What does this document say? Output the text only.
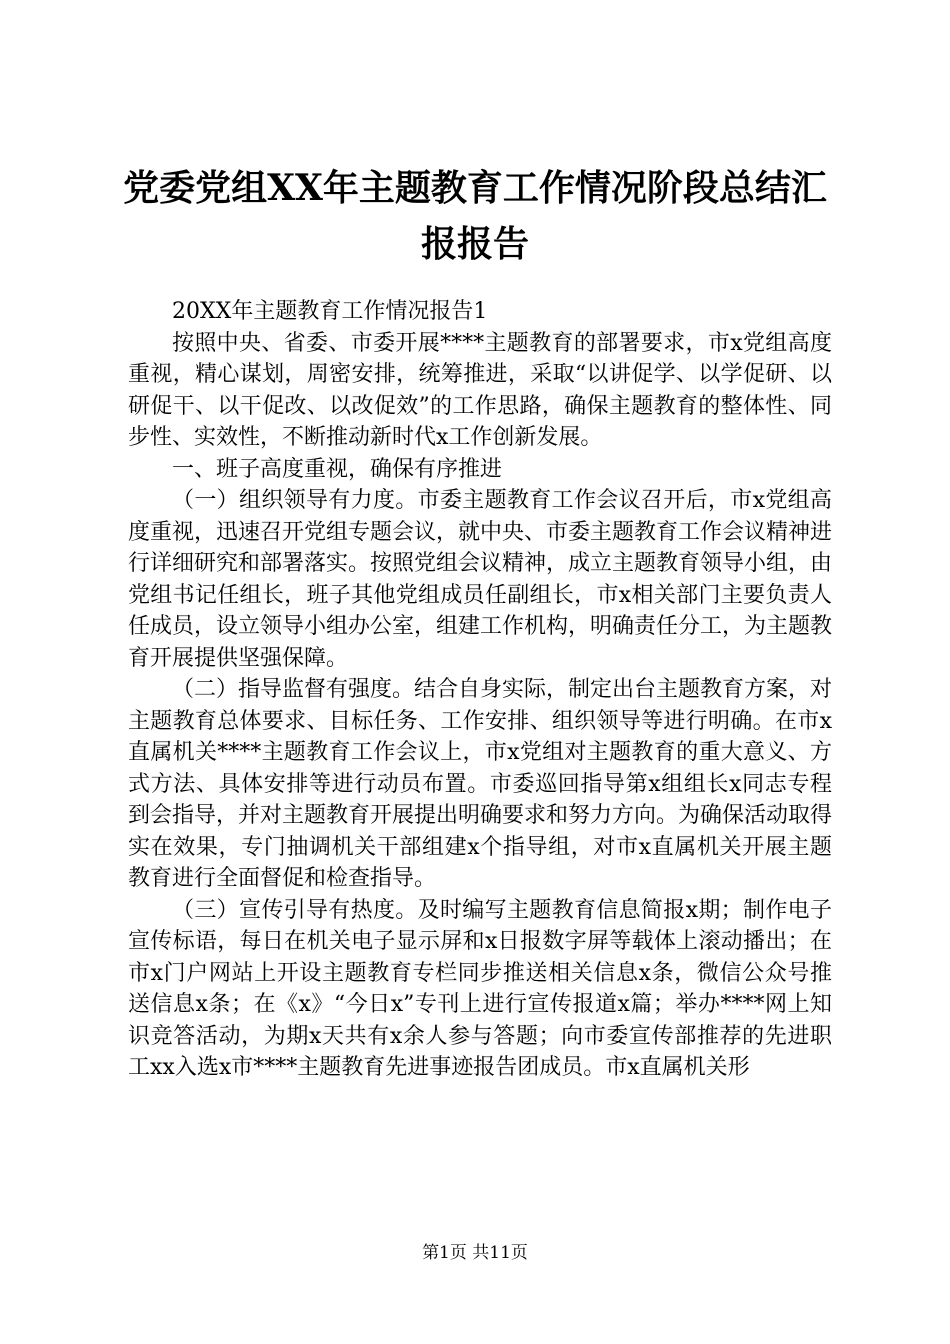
党委党组XX年主题教育工作情况阶段总结汇报报告

20XX年主题教育工作情况报告1

按照中央、省委、市委开展****主题教育的部署要求，市x党组高度重视，精心谋划，周密安排，统筹推进，采取“以讲促学、以学促研、以研促干、以干促改、以改促效”的工作思路，确保主题教育的整体性、同步性、实效性，不断推动新时代x工作创新发展。

一、班子高度重视，确保有序推进

（一）组织领导有力度。市委主题教育工作会议召开后，市x党组高度重视，迅速召开党组专题会议，就中央、市委主题教育工作会议精神进行详细研究和部署落实。按照党组会议精神，成立主题教育领导小组，由党组书记任组长，班子其他党组成员任副组长，市x相关部门主要负责人任成员，设立领导小组办公室，组建工作机构，明确责任分工，为主题教育开展提供坚强保障。

（二）指导监督有强度。结合自身实际，制定出台主题教育方案，对主题教育总体要求、目标任务、工作安排、组织领导等进行明确。在市x直属机关****主题教育工作会议上，市x党组对主题教育的重大意义、方式方法、具体安排等进行动员布置。市委巡回指导第x组组长x同志专程到会指导，并对主题教育开展提出明确要求和努力方向。为确保活动取得实在效果，专门抽调机关干部组建x个指导组，对市x直属机关开展主题教育进行全面督促和检查指导。

（三）宣传引导有热度。及时编写主题教育信息简报x期；制作电子宣传标语，每日在机关电子显示屏和x日报数字屏等载体上滚动播出；在市x门户网站上开设主题教育专栏同步推送相关信息x条，微信公众号推送信息x条；在《x》“今日x”专刊上进行宣传报道x篇；举办****网上知识竞答活动，为期x天共有x余人参与答题；向市委宣传部推荐的先进职工xx入选x市****主题教育先进事迹报告团成员。市x直属机关形

第1页 共11页
